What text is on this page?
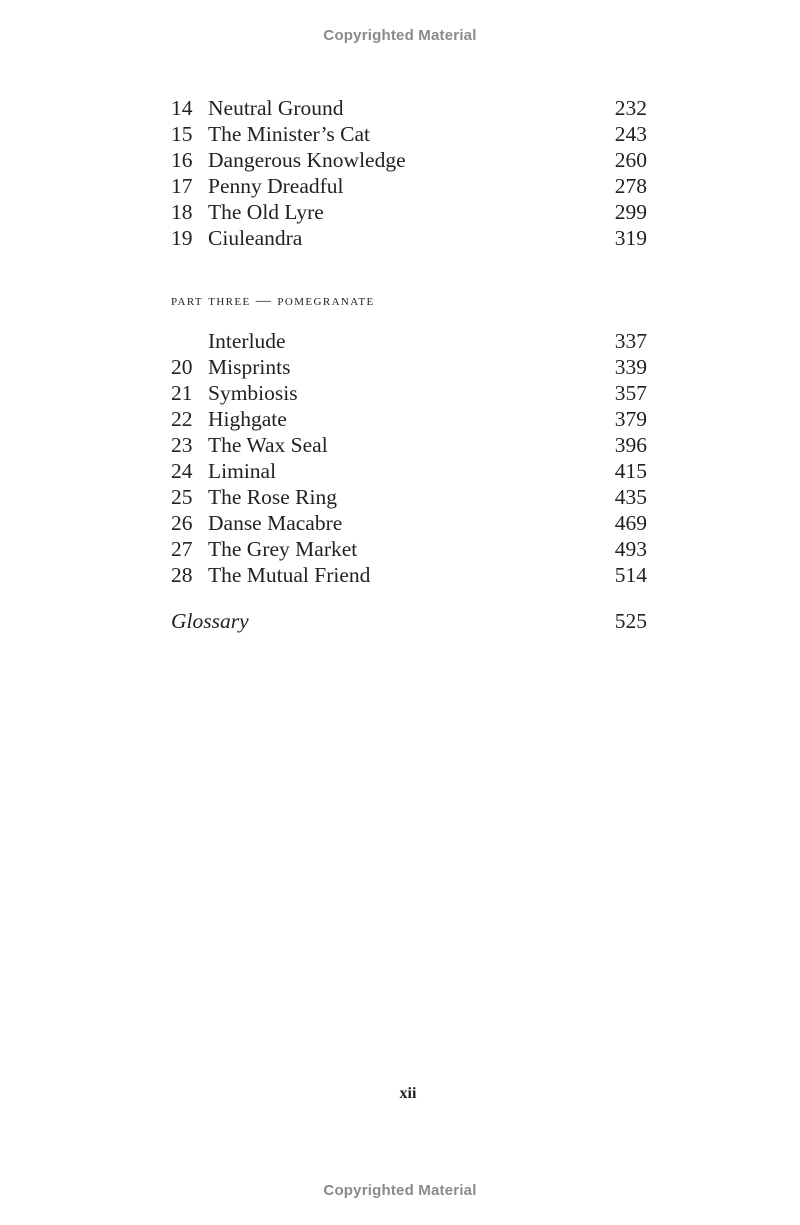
Copyrighted Material
14 Neutral Ground	232
15 The Minister’s Cat	243
16 Dangerous Knowledge	260
17 Penny Dreadful	278
18 The Old Lyre	299
19 Ciuleandra	319
part three — pomegranate
Interlude	337
20 Misprints	339
21 Symbiosis	357
22 Highgate	379
23 The Wax Seal	396
24 Liminal	415
25 The Rose Ring	435
26 Danse Macabre	469
27 The Grey Market	493
28 The Mutual Friend	514
Glossary	525
xii
Copyrighted Material
